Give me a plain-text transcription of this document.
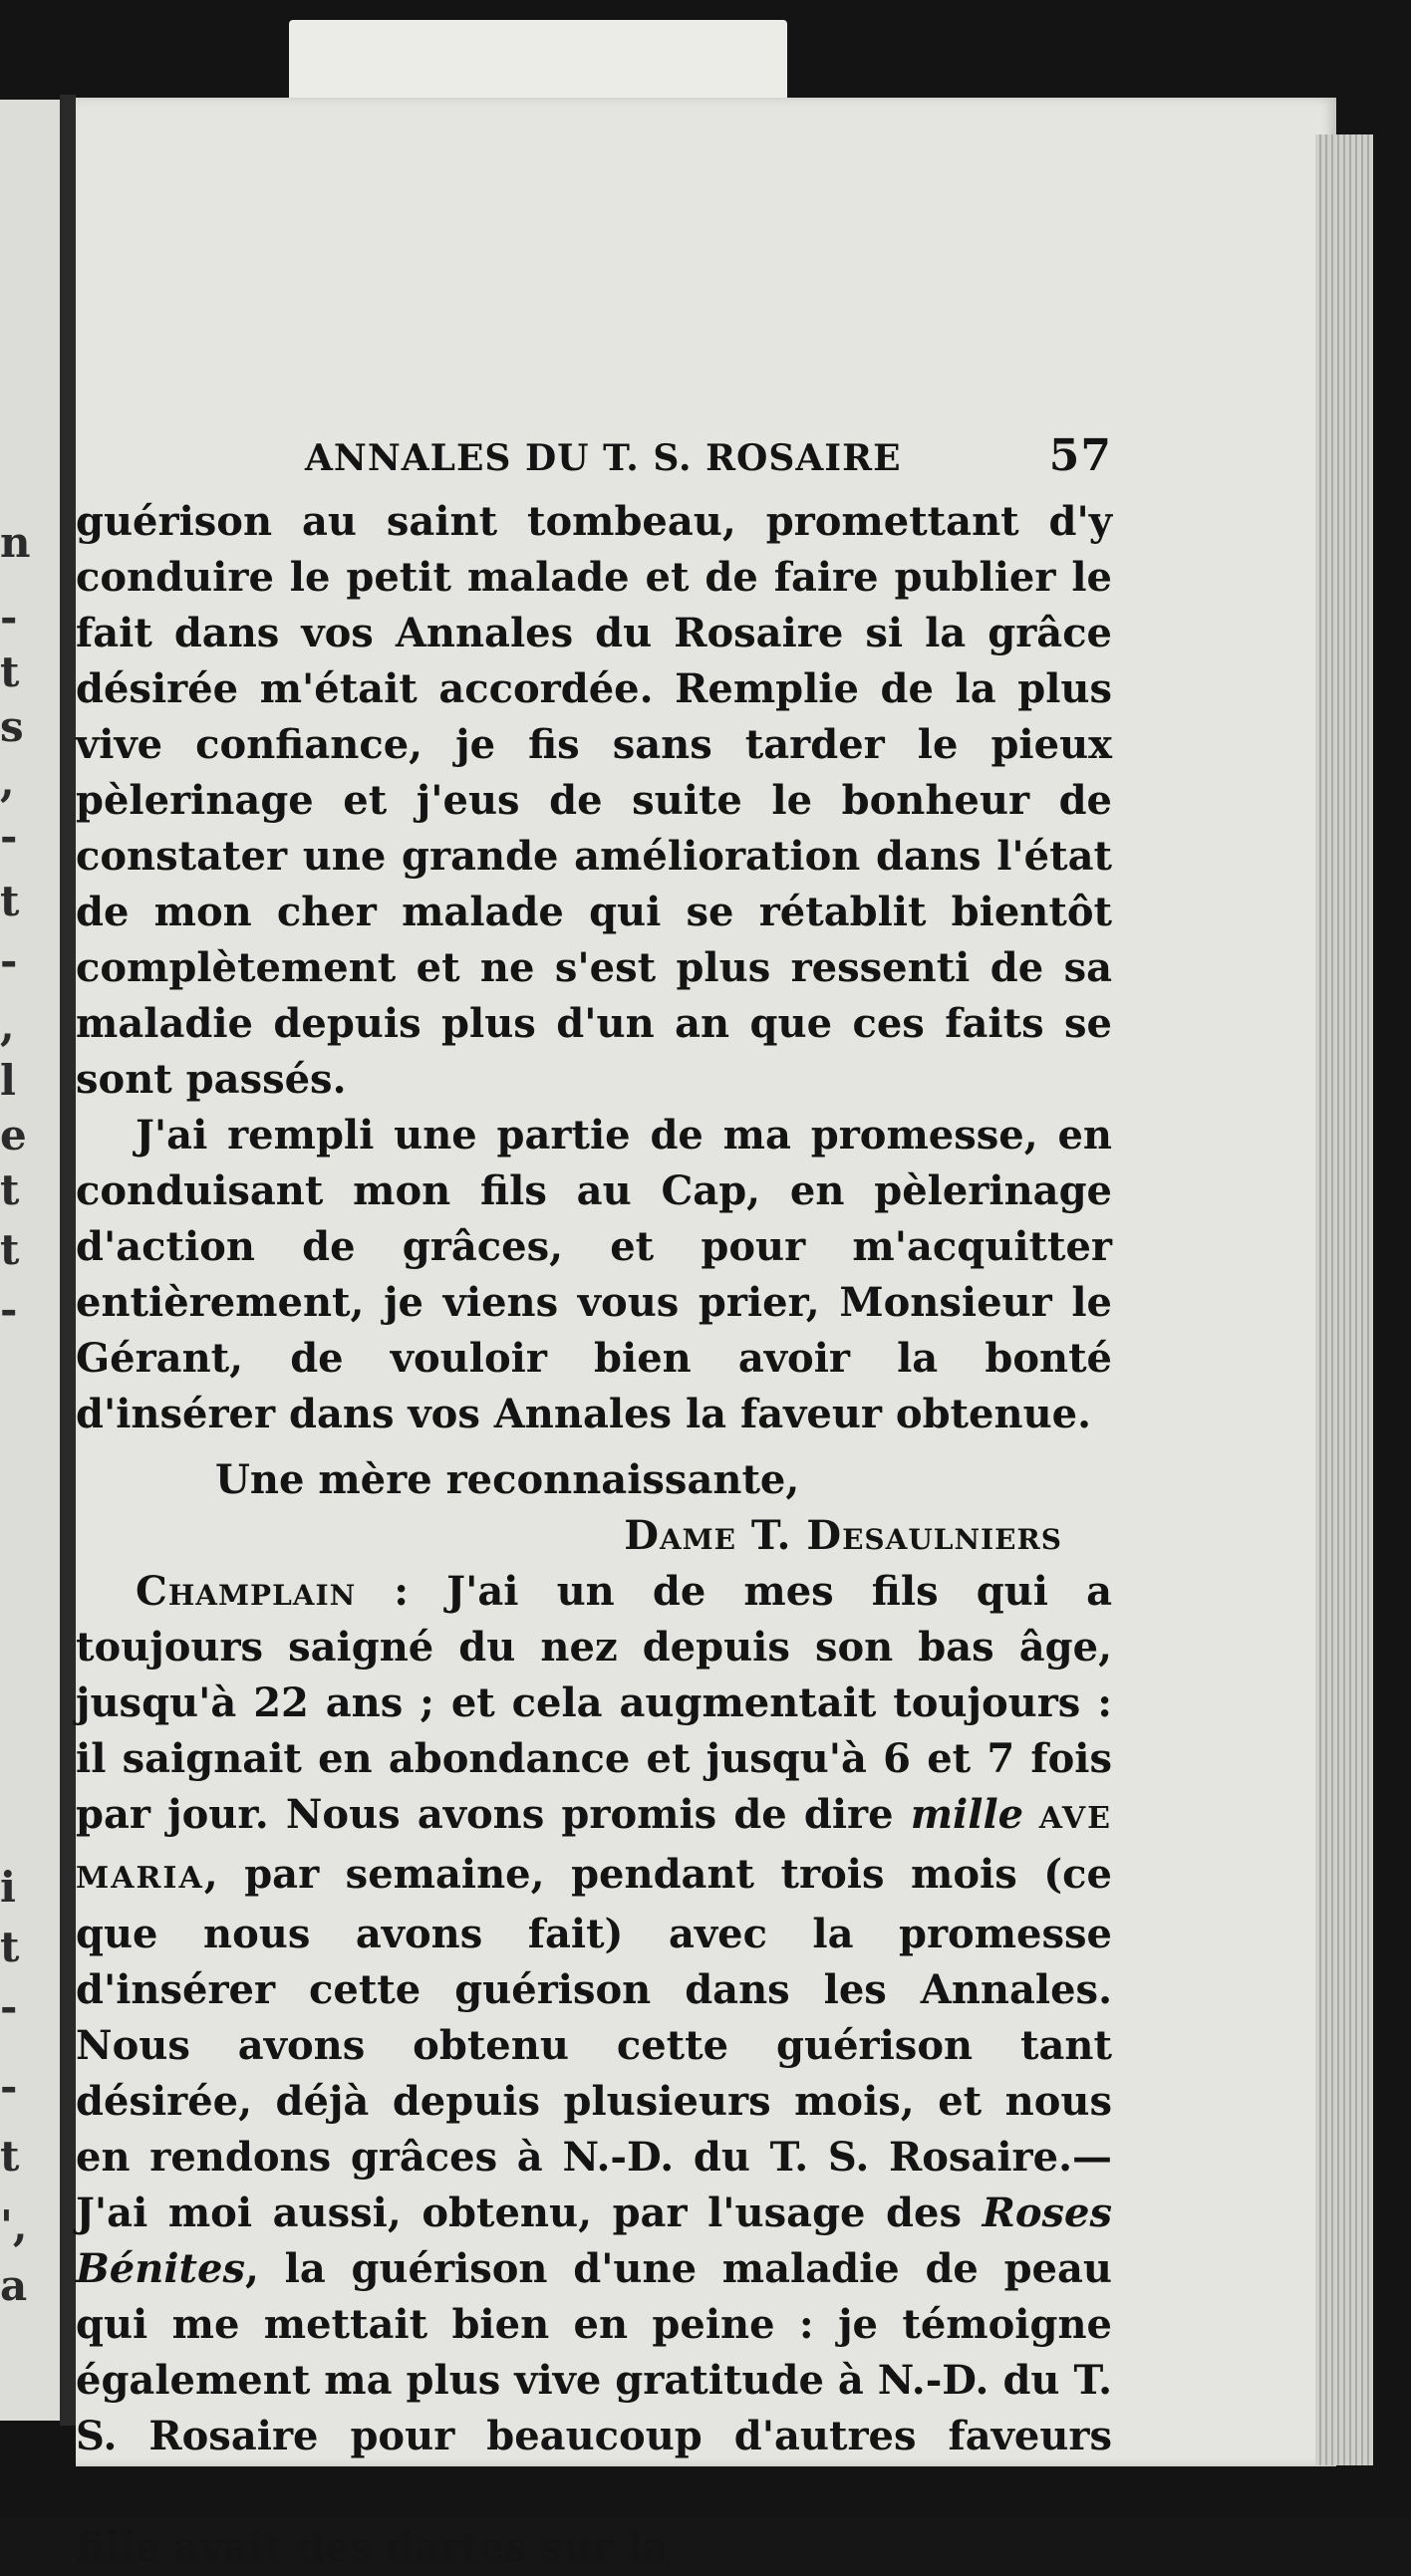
n
-
t
s
,
-
t
-
,
l
e
t
t
-
i
t
-
-
t
',
a
ANNALES DU T. S. ROSAIRE	57

guérison au saint tombeau, promettant d'y conduire le petit malade et de faire publier le fait dans vos Annales du Rosaire si la grâce désirée m'était accordée. Remplie de la plus vive confiance, je fis sans tarder le pieux pèlerinage et j'eus de suite le bonheur de constater une grande amélioration dans l'état de mon cher malade qui se rétablit bientôt complètement et ne s'est plus ressenti de sa maladie depuis plus d'un an que ces faits se sont passés.

J'ai rempli une partie de ma promesse, en conduisant mon fils au Cap, en pèlerinage d'action de grâces, et pour m'acquitter entièrement, je viens vous prier, Monsieur le Gérant, de vouloir bien avoir la bonté d'insérer dans vos Annales la faveur obtenue.

Une mère reconnaissante,

Dame T. Desaulniers

Champlain : J'ai un de mes fils qui a toujours saigné du nez depuis son bas âge, jusqu'à 22 ans ; et cela augmentait toujours : il saignait en abondance et jusqu'à 6 et 7 fois par jour. Nous avons promis de dire mille AVE MARIA, par semaine, pendant trois mois (ce que nous avons fait) avec la promesse d'insérer cette guérison dans les Annales. Nous avons obtenu cette guérison tant désirée, déjà depuis plusieurs mois, et nous en rendons grâces à N.-D. du T. S. Rosaire.—J'ai moi aussi, obtenu, par l'usage des Roses Bénites, la guérison d'une maladie de peau qui me mettait bien en peine : je témoigne également ma plus vive gratitude à N.-D. du T. S. Rosaire pour beaucoup d'autres faveurs obtenues : Une Ab.—Labenon, N H. : Ma petite fille avait des dartes sur la
